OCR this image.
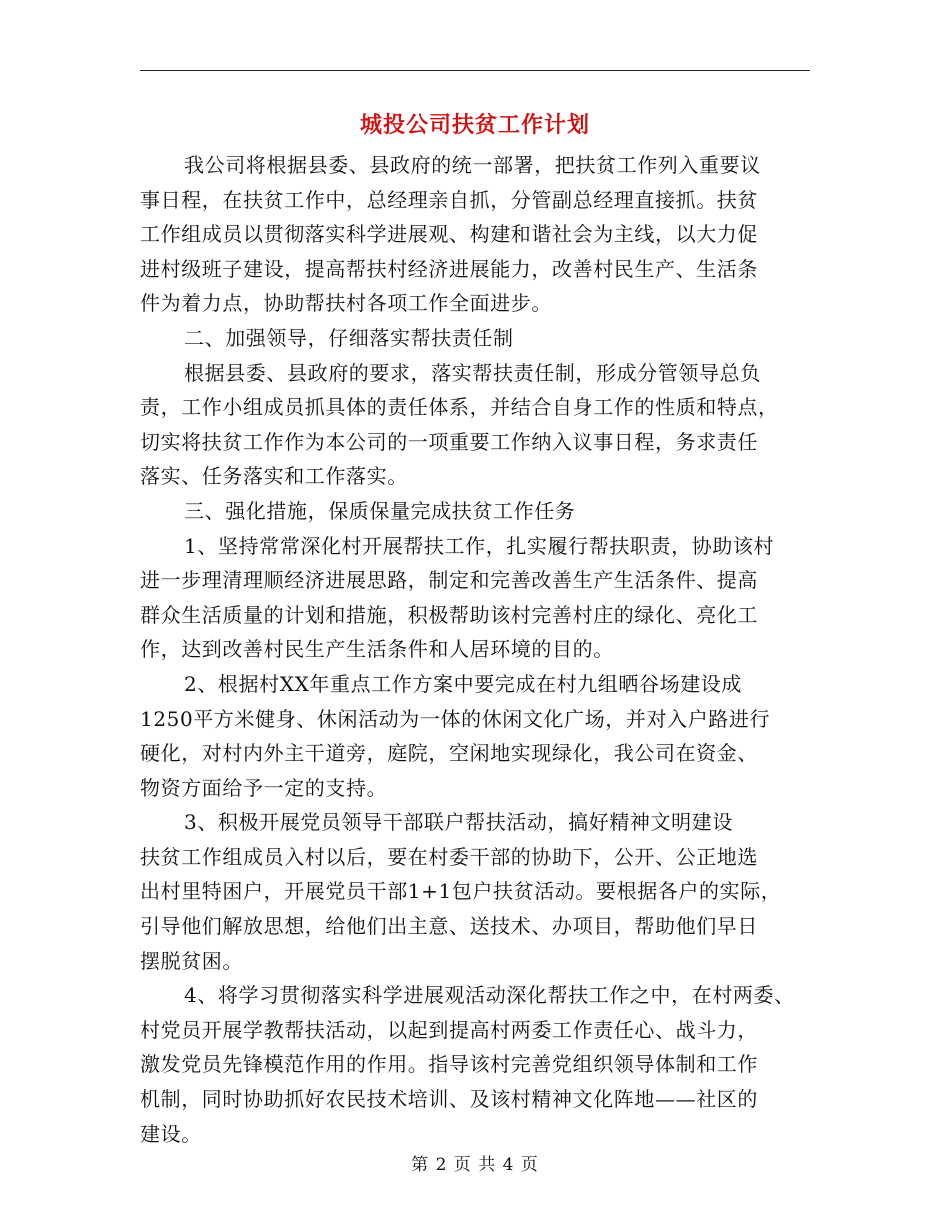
城投公司扶贫工作计划
我公司将根据县委、县政府的统一部署，把扶贫工作列入重要议
事日程，在扶贫工作中，总经理亲自抓，分管副总经理直接抓。扶贫
工作组成员以贯彻落实科学进展观、构建和谐社会为主线，以大力促
进村级班子建设，提高帮扶村经济进展能力，改善村民生产、生活条
件为着力点，协助帮扶村各项工作全面进步。
二、加强领导，仔细落实帮扶责任制
根据县委、县政府的要求，落实帮扶责任制，形成分管领导总负
责，工作小组成员抓具体的责任体系，并结合自身工作的性质和特点，
切实将扶贫工作作为本公司的一项重要工作纳入议事日程，务求责任
落实、任务落实和工作落实。
三、强化措施，保质保量完成扶贫工作任务
1、坚持常常深化村开展帮扶工作，扎实履行帮扶职责，协助该村
进一步理清理顺经济进展思路，制定和完善改善生产生活条件、提高
群众生活质量的计划和措施，积极帮助该村完善村庄的绿化、亮化工
作，达到改善村民生产生活条件和人居环境的目的。
2、根据村XX年重点工作方案中要完成在村九组晒谷场建设成
1250平方米健身、休闲活动为一体的休闲文化广场，并对入户路进行
硬化，对村内外主干道旁，庭院，空闲地实现绿化，我公司在资金、
物资方面给予一定的支持。
3、积极开展党员领导干部联户帮扶活动，搞好精神文明建设
扶贫工作组成员入村以后，要在村委干部的协助下，公开、公正地选
出村里特困户，开展党员干部1+1包户扶贫活动。要根据各户的实际，
引导他们解放思想，给他们出主意、送技术、办项目，帮助他们早日
摆脱贫困。
4、将学习贯彻落实科学进展观活动深化帮扶工作之中，在村两委、
村党员开展学教帮扶活动，以起到提高村两委工作责任心、战斗力，
激发党员先锋模范作用的作用。指导该村完善党组织领导体制和工作
机制，同时协助抓好农民技术培训、及该村精神文化阵地——社区的
建设。
第 2 页 共 4 页
